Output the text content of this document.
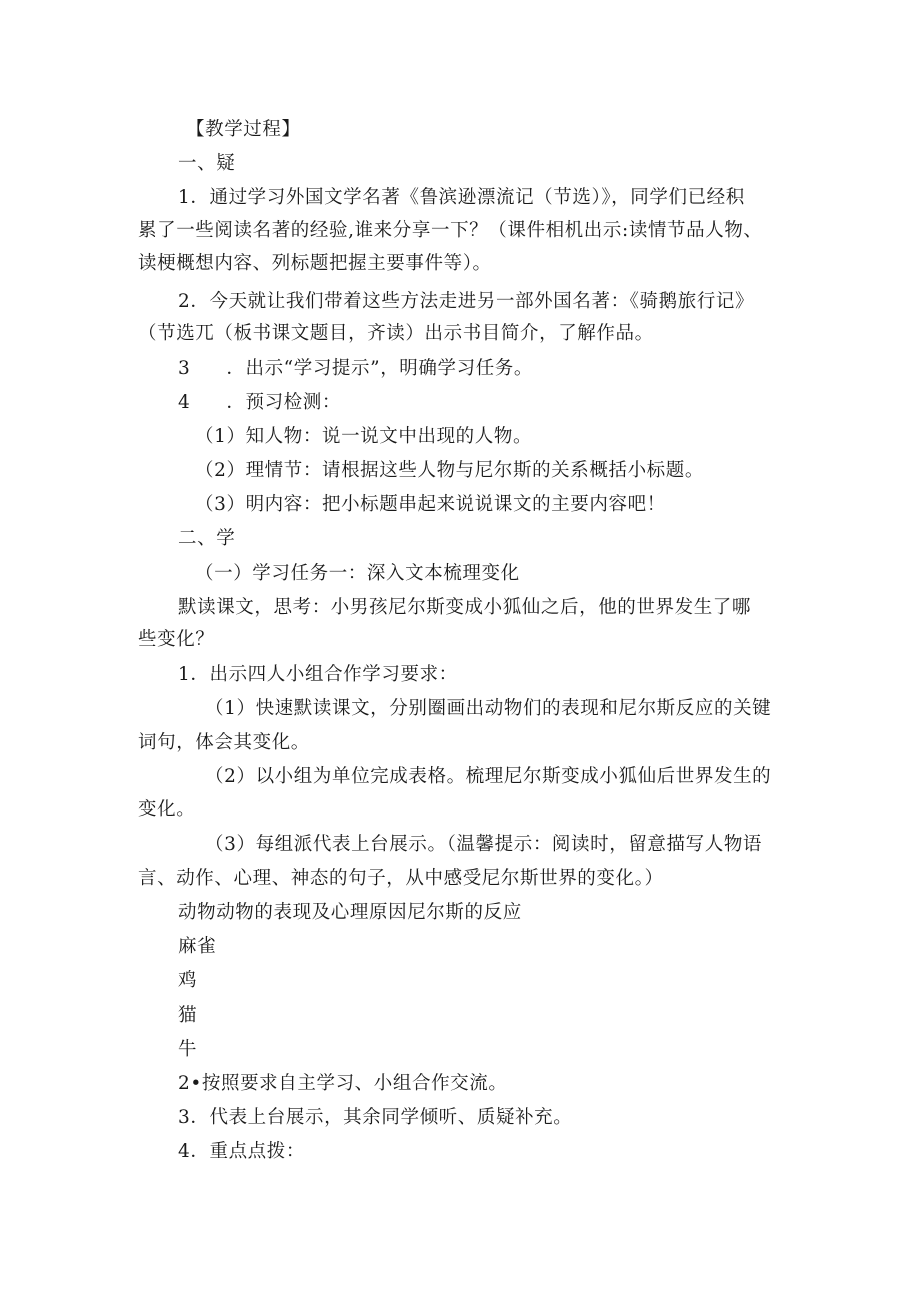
【教学过程】
一、疑
1．通过学习外国文学名著《鲁滨逊漂流记（节选）》，同学们已经积
累了一些阅读名著的经验,谁来分享一下？（课件相机出示:读情节品人物、
读梗概想内容、列标题把握主要事件等）。
2．今天就让我们带着这些方法走进另一部外国名著：《骑鹅旅行记》
（节选兀（板书课文题目，齐读）出示书目简介，了解作品。
3 ．出示“学习提示”，明确学习任务。
4 ．预习检测：
（1）知人物：说一说文中出现的人物。
（2）理情节：请根据这些人物与尼尔斯的关系概括小标题。
（3）明内容：把小标题串起来说说课文的主要内容吧！
二、学
（一）学习任务一：深入文本梳理变化
默读课文，思考：小男孩尼尔斯变成小狐仙之后，他的世界发生了哪
些变化？
1．出示四人小组合作学习要求：
（1）快速默读课文，分别圈画出动物们的表现和尼尔斯反应的关键
词句，体会其变化。
（2）以小组为单位完成表格。梳理尼尔斯变成小狐仙后世界发生的
变化。
（3）每组派代表上台展示。（温馨提示：阅读时，留意描写人物语
言、动作、心理、神态的句子，从中感受尼尔斯世界的变化。）
动物动物的表现及心理原因尼尔斯的反应
麻雀
鸡
猫
牛
2•按照要求自主学习、小组合作交流。
3．代表上台展示，其余同学倾听、质疑补充。
4．重点点拨：
